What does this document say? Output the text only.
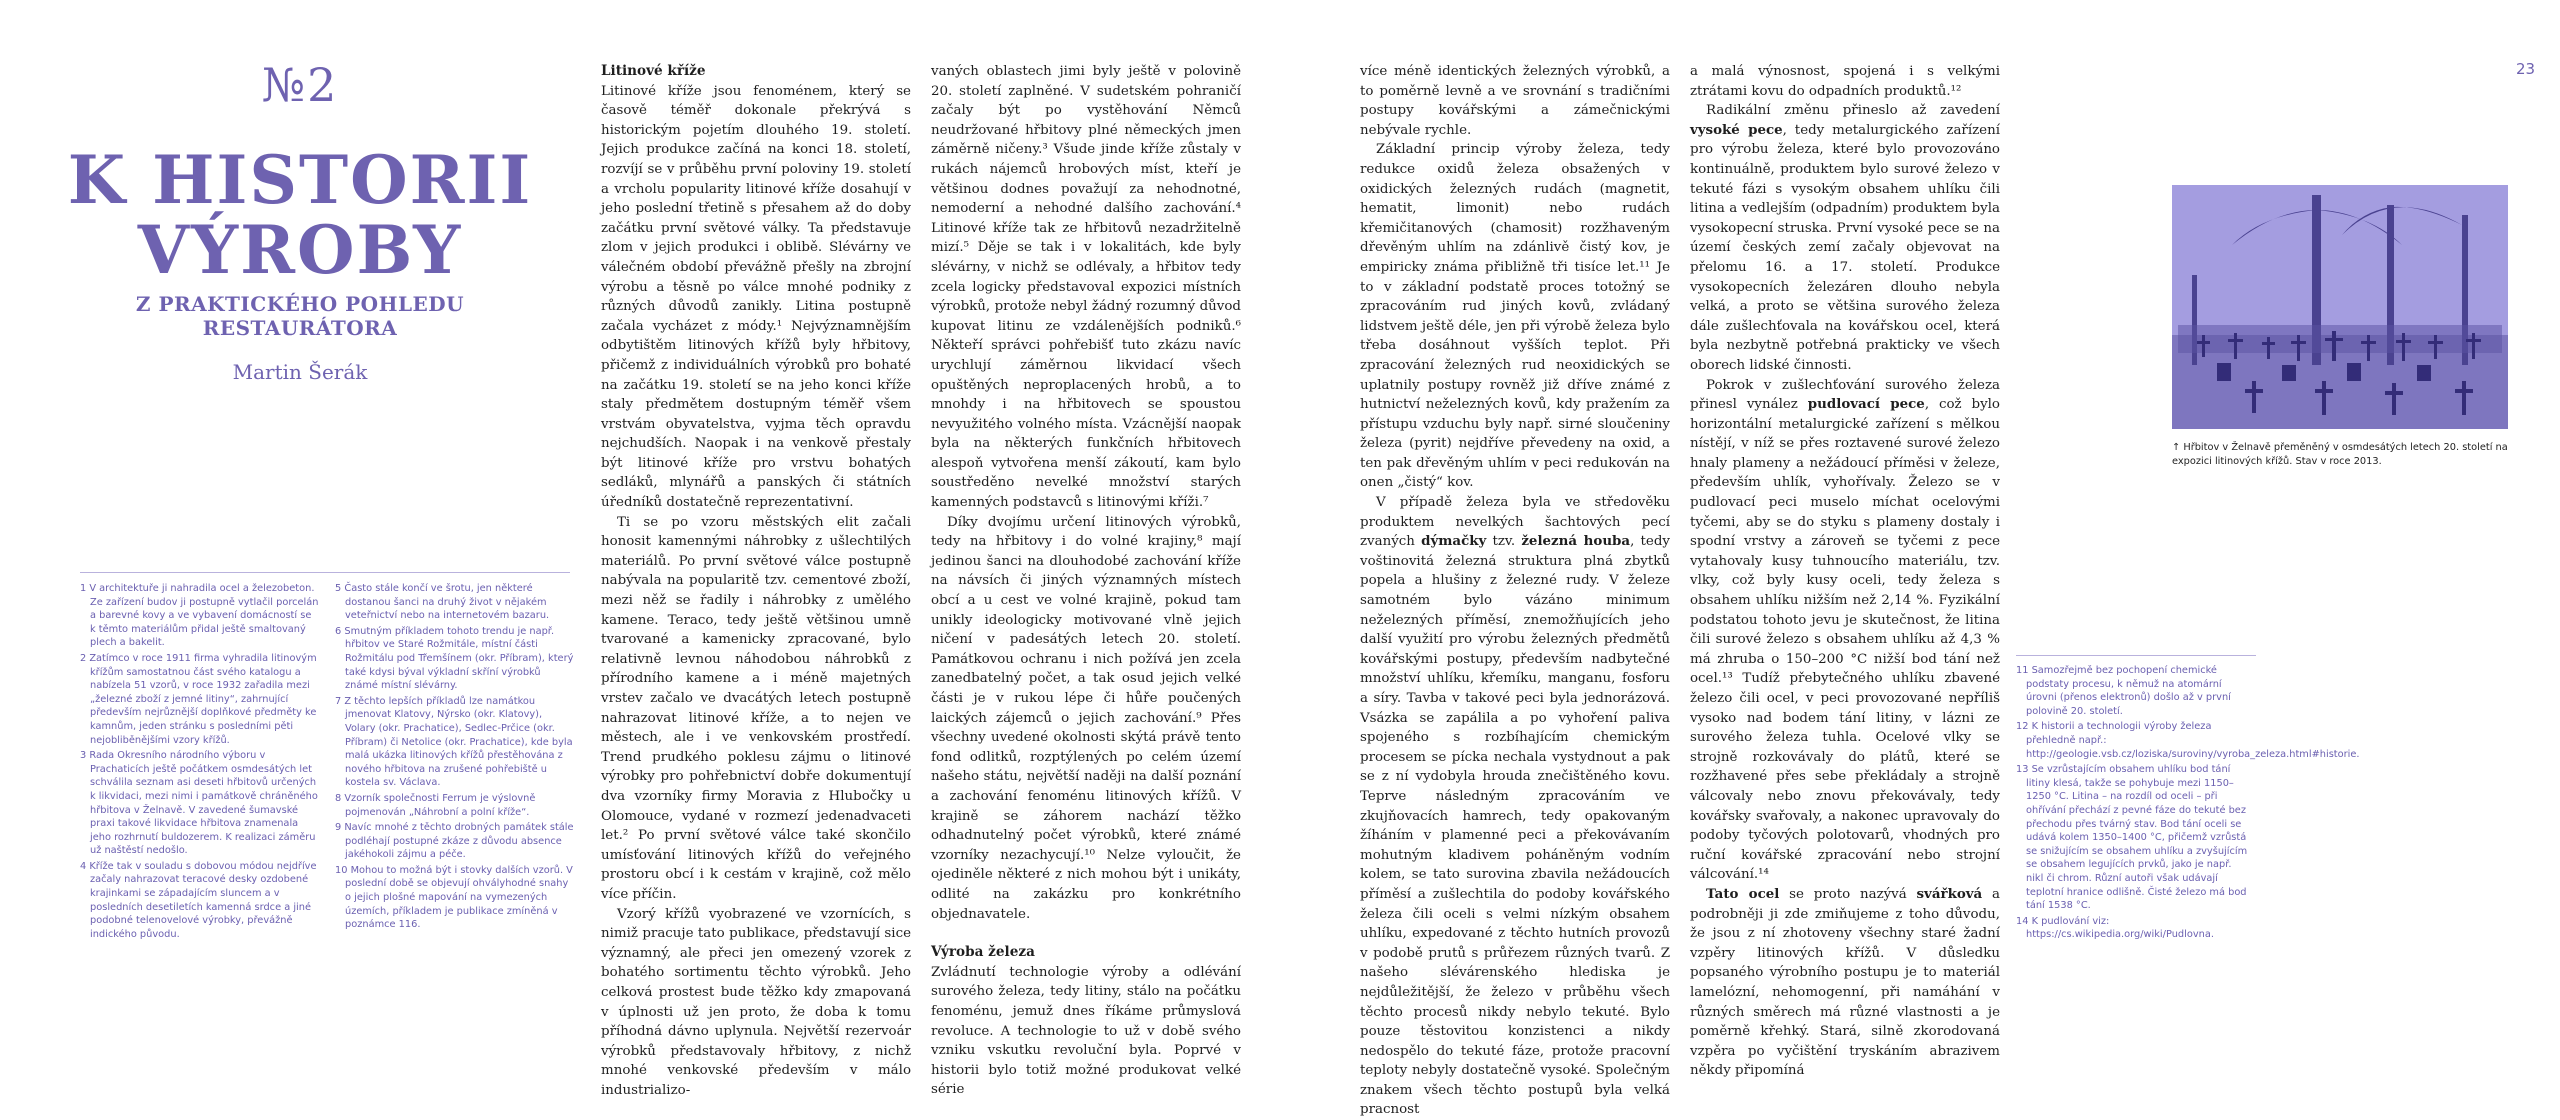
№2
K HISTORII
VÝROBY
Z PRAKTICKÉHO POHLEDU RESTAURÁTORA
Martin Šerák
Litinové kříže

Litinové kříže jsou fenoménem, který se časově téměř dokonale překrývá s historickým pojetím dlouhého 19. století. Jejich produkce začíná na konci 18. století, rozvíjí se v průběhu první poloviny 19. století a vrcholu popularity litinové kříže dosahují v jeho poslední třetině s přesahem až do doby začátku první světové války. Ta představuje zlom v jejich produkci i oblibě. Slévárny ve válečném období převážně přešly na zbrojní výrobu a těsně po válce mnohé podniky z různých důvodů zanikly. Litina postupně začala vycházet z módy.¹ Nejvýznamnějším odbytištěm litinových křížů byly hřbitovy, přičemž z individuálních výrobků pro bohaté na začátku 19. století se na jeho konci kříže staly předmětem dostupným téměř všem vrstvám obyvatelstva, vyjma těch opravdu nejchudších. Naopak i na venkově přestaly být litinové kříže pro vrstvu bohatých sedláků, mlynářů a panských či státních úředníků dostatečně reprezentativní.

Ti se po vzoru městských elit začali honosit kamennými náhrobky z ušlechtilých materiálů. Po první světové válce postupně nabývala na popularitě tzv. cementové zboží, mezi něž se řadily i náhrobky z umělého kamene. Teraco, tedy ještě většinou umně tvarované a kamenicky zpracované, bylo relativně levnou náhodobou náhrobků z přírodního kamene a i méně majetných vrstev začalo ve dvacátých letech postupně nahrazovat litinové kříže, a to nejen ve městech, ale i ve venkovském prostředí. Trend prudkého poklesu zájmu o litinové výrobky pro pohřebnictví dobře dokumentují dva vzorníky firmy Moravia z Hlubočky u Olomouce, vydané v rozmezí jedenadvaceti let.² Po první světové válce také skončilo umísťování litinových křížů do veřejného prostoru obcí i k cestám v krajině, což mělo více příčin.

Vzorý křížů vyobrazené ve vzornících, s nimiž pracuje tato publikace, představují sice významný, ale přeci jen omezený vzorek z bohatého sortimentu těchto výrobků. Jeho celková prostest bude těžko kdy zmapovaná v úplnosti už jen proto, že doba k tomu příhodná dávno uplynula. Největší rezervoár výrobků představovaly hřbitovy, z nichž mnohé venkovské především v málo industrializo-

vaných oblastech jimi byly ještě v polovině 20. století zaplněné. V sudetském pohraničí začaly být po vystěhování Němců neudržované hřbitovy plné německých jmen záměrně ničeny.³ Všude jinde kříže zůstaly v rukách nájemců hrobových míst, kteří je většinou dodnes považují za nehodnotné, nemoderní a nehodné dalšího zachování.⁴ Litinové kříže tak ze hřbitovů nezadržitelně mizí.⁵ Děje se tak i v lokalitách, kde byly slévárny, v nichž se odlévaly, a hřbitov tedy zcela logicky představoval expozici místních výrobků, protože nebyl žádný rozumný důvod kupovat litinu ze vzdálenějších podniků.⁶ Někteří správci pohřebišť tuto zkázu navíc urychlují záměrnou likvidací všech opuštěných neproplacených hrobů, a to mnohdy i na hřbitovech se spoustou nevyužitého volného místa. Vzácnější naopak byla na některých funkčních hřbitovech alespoň vytvořena menší zákoutí, kam bylo soustředěno nevelké množství starých kamenných podstavců s litinovými kříži.⁷

Díky dvojímu určení litinových výrobků, tedy na hřbitovy i do volné krajiny,⁸ mají jedinou šanci na dlouhodobé zachování kříže na návsích či jiných významných místech obcí a u cest ve volné krajině, pokud tam unikly ideologicky motivované vlně jejich ničení v padesátých letech 20. století. Památkovou ochranu i nich požívá jen zcela zanedbatelný počet, a tak osud jejich velké části je v rukou lépe či hůře poučených laických zájemců o jejich zachování.⁹ Přes všechny uvedené okolnosti skýtá právě tento fond odlitků, rozptýlených po celém území našeho státu, největší naději na další poznání a zachování fenoménu litinových křížů. V krajině se záhorem nachází těžko odhadnutelný počet výrobků, které známé vzorníky nezachycují.¹⁰ Nelze vyloučit, že ojediněle některé z nich mohou být i unikáty, odlité na zakázku pro konkrétního objednavatele.

Výroba železa

Zvládnutí technologie výroby a odlévání surového železa, tedy litiny, stálo na počátku fenoménu, jemuž dnes říkáme průmyslová revoluce. A technologie to už v době svého vzniku vskutku revoluční byla. Poprvé v historii bylo totiž možné produkovat velké série

více méně identických železných výrobků, a to poměrně levně a ve srovnání s tradičními postupy kovářskými a zámečnickými nebývale rychle.

Základní princip výroby železa, tedy redukce oxidů železa obsažených v oxidických železných rudách (magnetit, hematit, limonit) nebo rudách křemičitanových (chamosit) rozžhaveným dřevěným uhlím na zdánlivě čistý kov, je empiricky známa přibližně tři tisíce let.¹¹ Je to v základní podstatě proces totožný se zpracováním rud jiných kovů, zvládaný lidstvem ještě déle, jen při výrobě železa bylo třeba dosáhnout vyšších teplot. Při zpracování železných rud neoxidických se uplatnily postupy rovněž již dříve známé z hutnictví neželezných kovů, kdy pražením za přístupu vzduchu byly např. sirné sloučeniny železa (pyrit) nejdříve převedeny na oxid, a ten pak dřevěným uhlím v peci redukován na onen „čistý“ kov.

V případě železa byla ve středověku produktem nevelkých šachtových pecí zvaných dýmačky tzv. železná houba, tedy voštinovitá železná struktura plná zbytků popela a hlušiny z železné rudy. V železe samotném bylo vázáno minimum neželezných příměsí, znemožňujících jeho další využití pro výrobu železných předmětů kovářskými postupy, především nadbytečné množství uhlíku, křemíku, manganu, fosforu a síry. Tavba v takové peci byla jednorázová. Vsázka se zapálila a po vyhoření paliva spojeného s rozbíhajícím chemickým procesem se pícka nechala vystydnout a pak se z ní vydobyla hrouda znečištěného kovu. Teprve následným zpracováním ve zkujňovacích hamrech, tedy opakovaným žíháním v plamenné peci a překovávaním mohutným kladivem poháněným vodním kolem, se tato surovina zbavila nežádoucích příměsí a zušlechtila do podoby kovářského železa čili oceli s velmi nízkým obsahem uhlíku, expedované z těchto hutních provozů v podobě prutů s průřezem různých tvarů. Z našeho slévárenského hlediska je nejdůležitější, že železo v průběhu všech těchto procesů nikdy nebylo tekuté. Bylo pouze těstovitou konzistenci a nikdy nedospělo do tekuté fáze, protože pracovní teploty nebyly dostatečně vysoké. Společným znakem všech těchto postupů byla velká pracnost

a malá výnosnost, spojená i s velkými ztrátami kovu do odpadních produktů.¹²

Radikální změnu přineslo až zavedení vysoké pece, tedy metalurgického zařízení pro výrobu železa, které bylo provozováno kontinuálně, produktem bylo surové železo v tekuté fázi s vysokým obsahem uhlíku čili litina a vedlejším (odpadním) produktem byla vysokopecní struska. První vysoké pece se na území českých zemí začaly objevovat na přelomu 16. a 17. století. Produkce vysokopecních železáren dlouho nebyla velká, a proto se většina surového železa dále zušlechťovala na kovářskou ocel, která byla nezbytně potřebná prakticky ve všech oborech lidské činnosti.

Pokrok v zušlechťování surového železa přinesl vynález pudlovací pece, což bylo horizontální metalurgické zařízení s mělkou nístějí, v níž se přes roztavené surové železo hnaly plameny a nežádoucí příměsi v železe, především uhlík, vyhořívaly. Železo se v pudlovací peci muselo míchat ocelovými tyčemi, aby se do styku s plameny dostaly i spodní vrstvy a zároveň se tyčemi z pece vytahovaly kusy tuhnoucího materiálu, tzv. vlky, což byly kusy oceli, tedy železa s obsahem uhlíku nižším než 2,14 %. Fyzikální podstatou tohoto jevu je skutečnost, že litina čili surové železo s obsahem uhlíku až 4,3 % má zhruba o 150–200 °C nižší bod tání než ocel.¹³ Tudíž přebytečného uhlíku zbavené železo čili ocel, v peci provozované nepříliš vysoko nad bodem tání litiny, v lázni ze surového železa tuhla. Ocelové vlky se strojně rozkovávaly do plátů, které se rozžhavené přes sebe překládaly a strojně válcovaly nebo znovu překovávaly, tedy kovářsky svařovaly, a nakonec upravovaly do podoby tyčových polotovarů, vhodných pro ruční kovářské zpracování nebo strojní válcování.¹⁴

Tato ocel se proto nazývá svářková a podrobněji ji zde zmiňujeme z toho důvodu, že jsou z ní zhotoveny všechny staré žadní vzpěry litinových křížů. V důsledku popsaného výrobního postupu je to materiál lamelózní, nehomogenní, při namáhání v různých směrech má různé vlastnosti a je poměrně křehký. Stará, silně zkorodovaná vzpěra po vyčištění tryskáním abrazivem někdy připomíná

23
↑ Hřbitov v Želnavě přeměněný v osmdesátých letech 20. století na expozici litinových křížů. Stav v roce 2013.
1 V architektuře ji nahradila ocel a železobeton. Ze zařízení budov ji postupně vytlačil porcelán a barevné kovy a ve vybavení domácností se k těmto materiálům přidal ještě smaltovaný plech a bakelit.
2 Zatímco v roce 1911 firma vyhradila litinovým křížům samostatnou část svého katalogu a nabízela 51 vzorů, v roce 1932 zařadila mezi „železné zboží z jemné litiny“, zahrnující především nejrůznější doplňkové předměty ke kamnům, jeden stránku s posledními pěti nejobliběnějšími vzory křížů.
3 Rada Okresního národního výboru v Prachaticích ještě počátkem osmdesátých let schválila seznam asi deseti hřbitovů určených k likvidaci, mezi nimi i památkově chráněného hřbitova v Želnavě. V zavedené šumavské praxi takové likvidace hřbitova znamenala jeho rozhrnutí buldozerem. K realizaci záměru už naštěstí nedošlo.
4 Kříže tak v souladu s dobovou módou nejdříve začaly nahrazovat teracové desky ozdobené krajinkami se západajícím sluncem a v posledních desetiletích kamenná srdce a jiné podobné telenovelové výrobky, převážně indického původu.
5 Často stále končí ve šrotu, jen některé dostanou šanci na druhý život v nějakém veteřnictví nebo na internetovém bazaru.
6 Smutným příkladem tohoto trendu je např. hřbitov ve Staré Rožmitále, místní části Rožmitálu pod Třemšínem (okr. Příbram), který také kdysi býval výkladní skříní výrobků známé místní slévárny.
7 Z těchto lepších příkladů lze namátkou jmenovat Klatovy, Nýrsko (okr. Klatovy), Volary (okr. Prachatice), Sedlec-Prčice (okr. Příbram) či Netolice (okr. Prachatice), kde byla malá ukázka litinových křížů přestěhována z nového hřbitova na zrušené pohřebiště u kostela sv. Václava.
8 Vzorník společnosti Ferrum je výslovně pojmenován „Náhrobní a polní kříže“.
9 Navíc mnohé z těchto drobných památek stále podléhají postupné zkáze z důvodu absence jakéhokoli zájmu a péče.
10 Mohou to možná být i stovky dalších vzorů. V poslední době se objevují ohvályhodné snahy o jejich plošné mapování na vymezených územích, příkladem je publikace zmíněná v poznámce 116.
11 Samozřejmě bez pochopení chemické podstaty procesu, k němuž na atomární úrovni (přenos elektronů) došlo až v první polovině 20. století.
12 K historii a technologii výroby železa přehledně např.: http://geologie.vsb.cz/loziska/suroviny/vyroba_zeleza.html#historie.
13 Se vzrůstajícím obsahem uhlíku bod tání litiny klesá, takže se pohybuje mezi 1150–1250 °C. Litina – na rozdíl od oceli – při ohřívání přechází z pevné fáze do tekuté bez přechodu přes tvárný stav. Bod tání oceli se udává kolem 1350–1400 °C, přičemž vzrůstá se snižujícím se obsahem uhlíku a zvyšujícím se obsahem legujících prvků, jako je např. nikl či chrom. Různí autoři však udávají teplotní hranice odlišně. Čisté železo má bod tání 1538 °C.
14 K pudlování viz: https://cs.wikipedia.org/wiki/Pudlovna.
